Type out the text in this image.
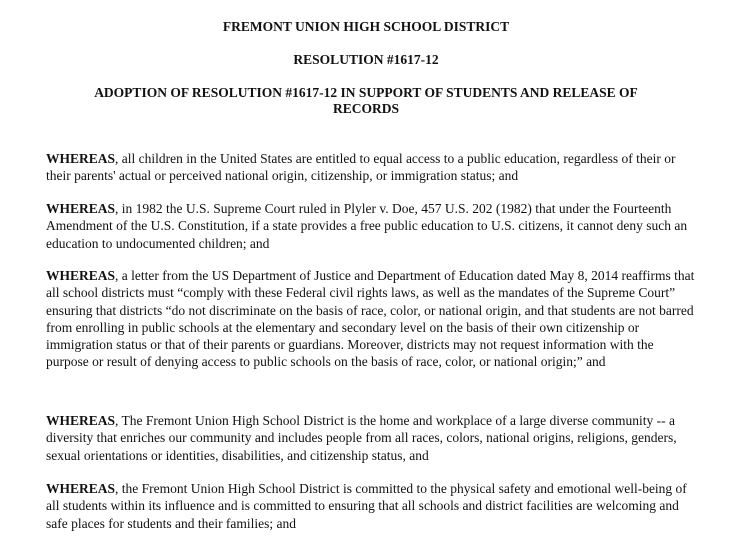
FREMONT UNION HIGH SCHOOL DISTRICT

RESOLUTION #1617-12

ADOPTION OF RESOLUTION #1617-12 IN SUPPORT OF STUDENTS AND RELEASE OF RECORDS

WHEREAS, all children in the United States are entitled to equal access to a public education, regardless of their or their parents' actual or perceived national origin, citizenship, or immigration status; and

WHEREAS, in 1982 the U.S. Supreme Court ruled in Plyler v. Doe, 457 U.S. 202 (1982) that under the Fourteenth Amendment of the U.S. Constitution, if a state provides a free public education to U.S. citizens, it cannot deny such an education to undocumented children; and

WHEREAS, a letter from the US Department of Justice and Department of Education dated May 8, 2014 reaffirms that all school districts must “comply with these Federal civil rights laws, as well as the mandates of the Supreme Court” ensuring that districts “do not discriminate on the basis of race, color, or national origin, and that students are not barred from enrolling in public schools at the elementary and secondary level on the basis of their own citizenship or immigration status or that of their parents or guardians. Moreover, districts may not request information with the purpose or result of denying access to public schools on the basis of race, color, or national origin;” and

WHEREAS, The Fremont Union High School District is the home and workplace of a large diverse community -- a diversity that enriches our community and includes people from all races, colors, national origins, religions, genders, sexual orientations or identities, disabilities, and citizenship status, and

WHEREAS, the Fremont Union High School District is committed to the physical safety and emotional well-being of all students within its influence and is committed to ensuring that all schools and district facilities are welcoming and safe places for students and their families; and
